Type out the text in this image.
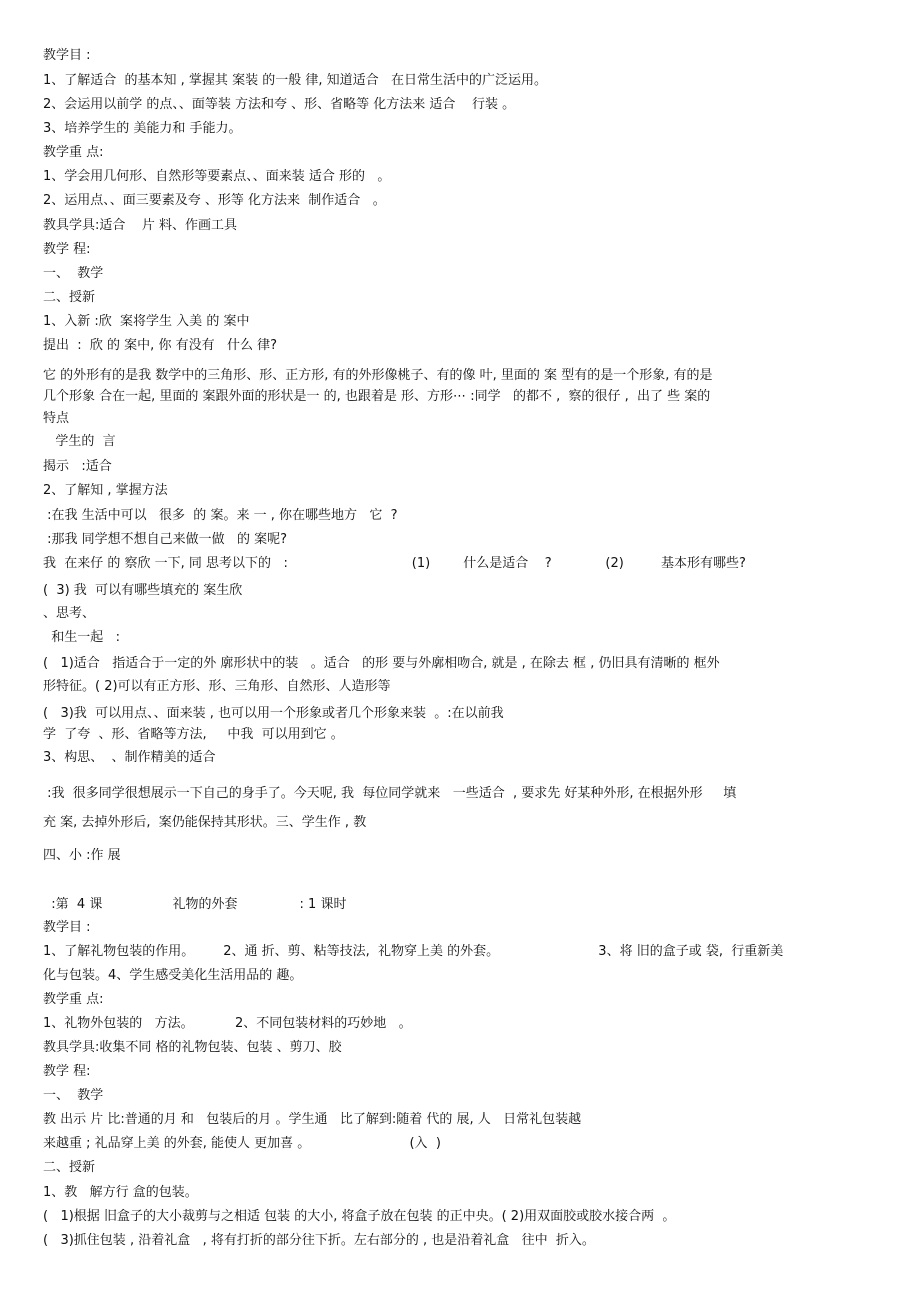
教学目 :
1、了解适合  的基本知 , 掌握其 案装 的一般 律, 知道适合   在日常生活中的广泛运用。
2、会运用以前学 的点、、面等装 方法和夸 、形、省略等 化方法来 适合    行装 。
3、培养学生的 美能力和 手能力。
教学重 点:
1、学会用几何形、自然形等要素点、、面来装 适合 形的   。
2、运用点、、面三要素及夸 、形等 化方法来  制作适合   。
教具学具:适合    片 料、作画工具
教学 程:
一、  教学
二、授新
1、入新 :欣  案将学生 入美 的 案中
提出  :  欣 的 案中, 你 有没有   什么 律?
它 的外形有的是我 数学中的三角形、形、正方形, 有的外形像桃子、有的像 叶, 里面的 案 型有的是一个形象, 有的是
几个形象 合在一起, 里面的 案跟外面的形状是一 的, 也跟着是 形、方形⋯ :同学   的都不 ,  察的很仔 ,  出了 些 案的
特点
学生的  言
揭示   :适合
2、了解知 , 掌握方法
:在我 生活中可以   很多  的 案。来 一 , 你在哪些地方   它  ?
:那我 同学想不想自己来做一做   的 案呢?
我  在来仔 的 察欣 一下, 同 思考以下的   :                              (1)        什么是适合    ?             (2)         基本形有哪些?
(  3) 我  可以有哪些填充的 案生欣
、思考、
和生一起   :
(   1)适合   指适合于一定的外 廓形状中的装   。适合   的形 要与外廓相吻合, 就是 , 在除去 框 , 仍旧具有清晰的 框外
形特征。( 2)可以有正方形、形、三角形、自然形、人造形等
(   3)我  可以用点、、面来装 , 也可以用一个形象或者几个形象来装  。:在以前我
学  了夸  、形、省略等方法,     中我  可以用到它 。
3、构思、  、制作精美的适合
:我  很多同学很想展示一下自己的身手了。今天呢, 我  每位同学就来   一些适合  , 要求先 好某种外形, 在根据外形     填
充 案, 去掉外形后,  案仍能保持其形状。三、学生作 , 教
四、小 :作 展
:第  4 课                 礼物的外套               : 1 课时
教学目 :
1、了解礼物包装的作用。       2、通 折、剪、粘等技法,  礼物穿上美 的外套。                        3、将 旧的盒子或 袋,  行重新美
化与包装。4、学生感受美化生活用品的 趣。
教学重 点:
1、礼物外包装的   方法。          2、不同包装材料的巧妙地   。
教具学具:收集不同 格的礼物包装、包装 、剪刀、胶
教学 程:
一、  教学
教 出示 片 比:普通的月 和   包装后的月 。学生通   比了解到:随着 代的 展, 人   日常礼包装越
来越重 ; 礼品穿上美 的外套, 能使人 更加喜 。                        (入  )
二、授新
1、教   解方行 盒的包装。
(   1)根据 旧盒子的大小裁剪与之相适 包装 的大小, 将盒子放在包装 的正中央。( 2)用双面胶或胶水接合两  。
(   3)抓住包装 , 沿着礼盒   , 将有打折的部分往下折。左右部分的 , 也是沿着礼盒   往中  折入。
